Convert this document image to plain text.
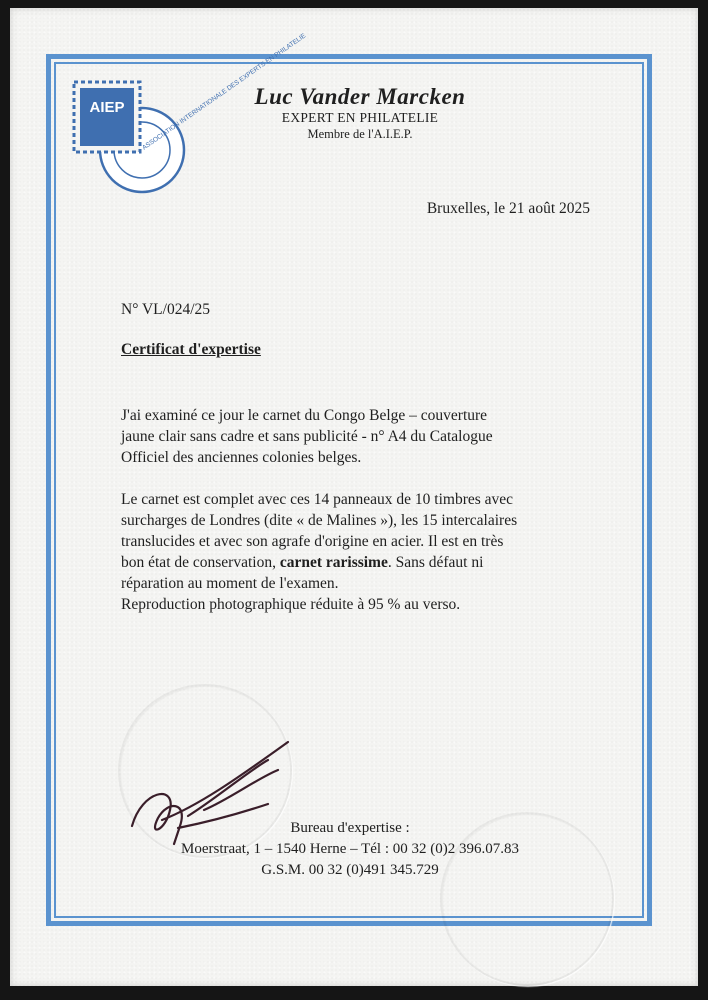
AIEP	ASSOCIATION INTERNATIONALE DES EXPERTS EN PHILATELIE
Luc Vander Marcken
EXPERT EN PHILATELIE
Membre de l'A.I.E.P.
Bruxelles, le 21 août 2025
N° VL/024/25
Certificat d'expertise
J'ai examiné ce jour le carnet du Congo Belge – couverture
jaune clair sans cadre et sans publicité - n° A4 du Catalogue
Officiel des anciennes colonies belges.
Le carnet est complet avec ces 14 panneaux de 10 timbres avec
surcharges de Londres (dite « de Malines »), les 15 intercalaires
translucides et avec son agrafe d'origine en acier. Il est en très
bon état de conservation, carnet rarissime. Sans défaut ni
réparation au moment de l'examen.
Reproduction photographique réduite à 95 % au verso.
Bureau d'expertise :
Moerstraat, 1 – 1540 Herne – Tél : 00 32 (0)2 396.07.83
G.S.M. 00 32 (0)491 345.729
